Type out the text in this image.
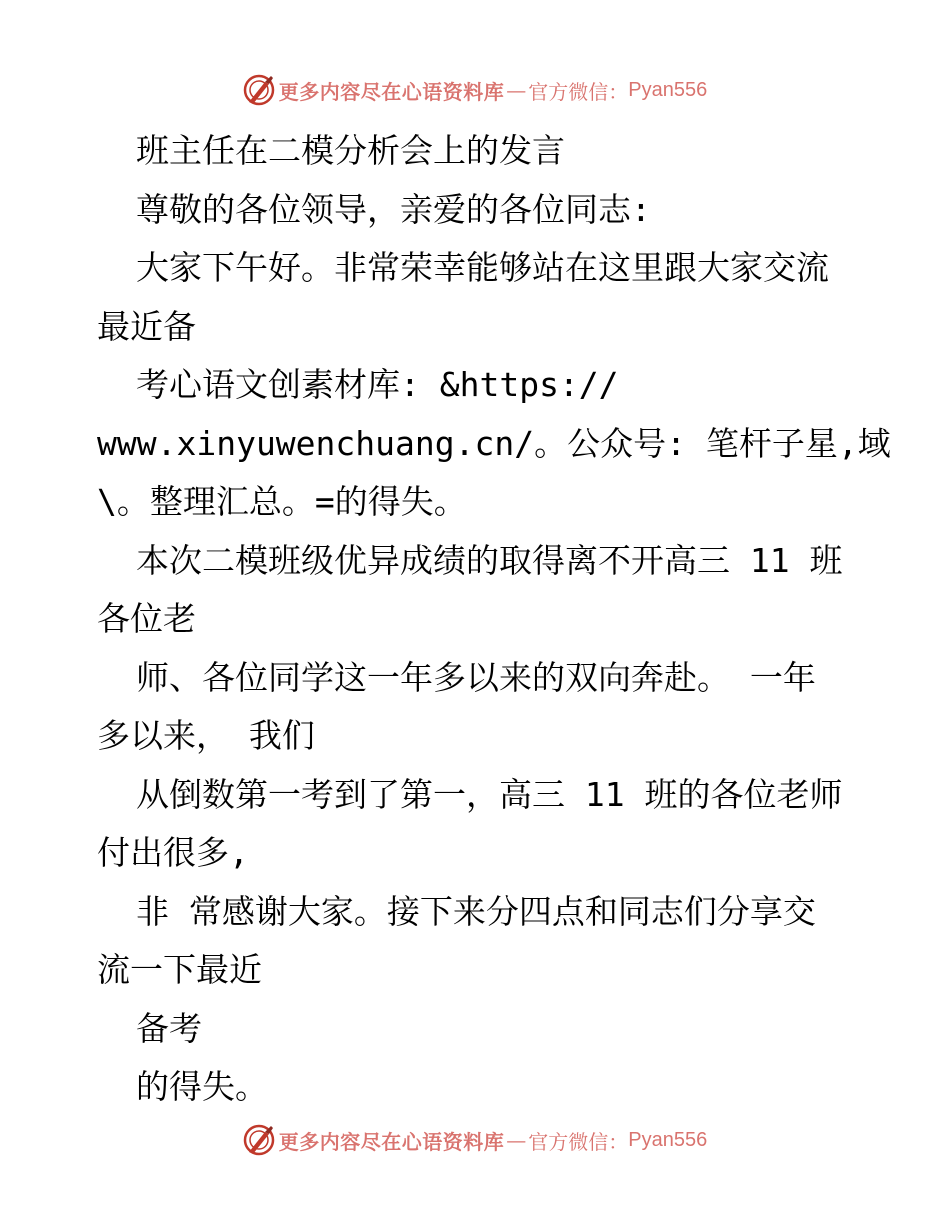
更多内容尽在心语资料库 — 官方微信： Pyan556
班主任在二模分析会上的发言
尊敬的各位领导，亲爱的各位同志:
大家下午好。非常荣幸能够站在这里跟大家交流
最近备
考心语文创素材库: &https://
www.xinyuwenchuang.cn/。公众号: 笔杆子星,域
\。整理汇总。=的得失。
本次二模班级优异成绩的取得离不开高三 11 班
各位老
师、各位同学这一年多以来的双向奔赴。 一年
多以来， 我们
从倒数第一考到了第一，高三 11 班的各位老师
付出很多,
非 常感谢大家。接下来分四点和同志们分享交
流一下最近
备考
的得失。
更多内容尽在心语资料库 — 官方微信： Pyan556
